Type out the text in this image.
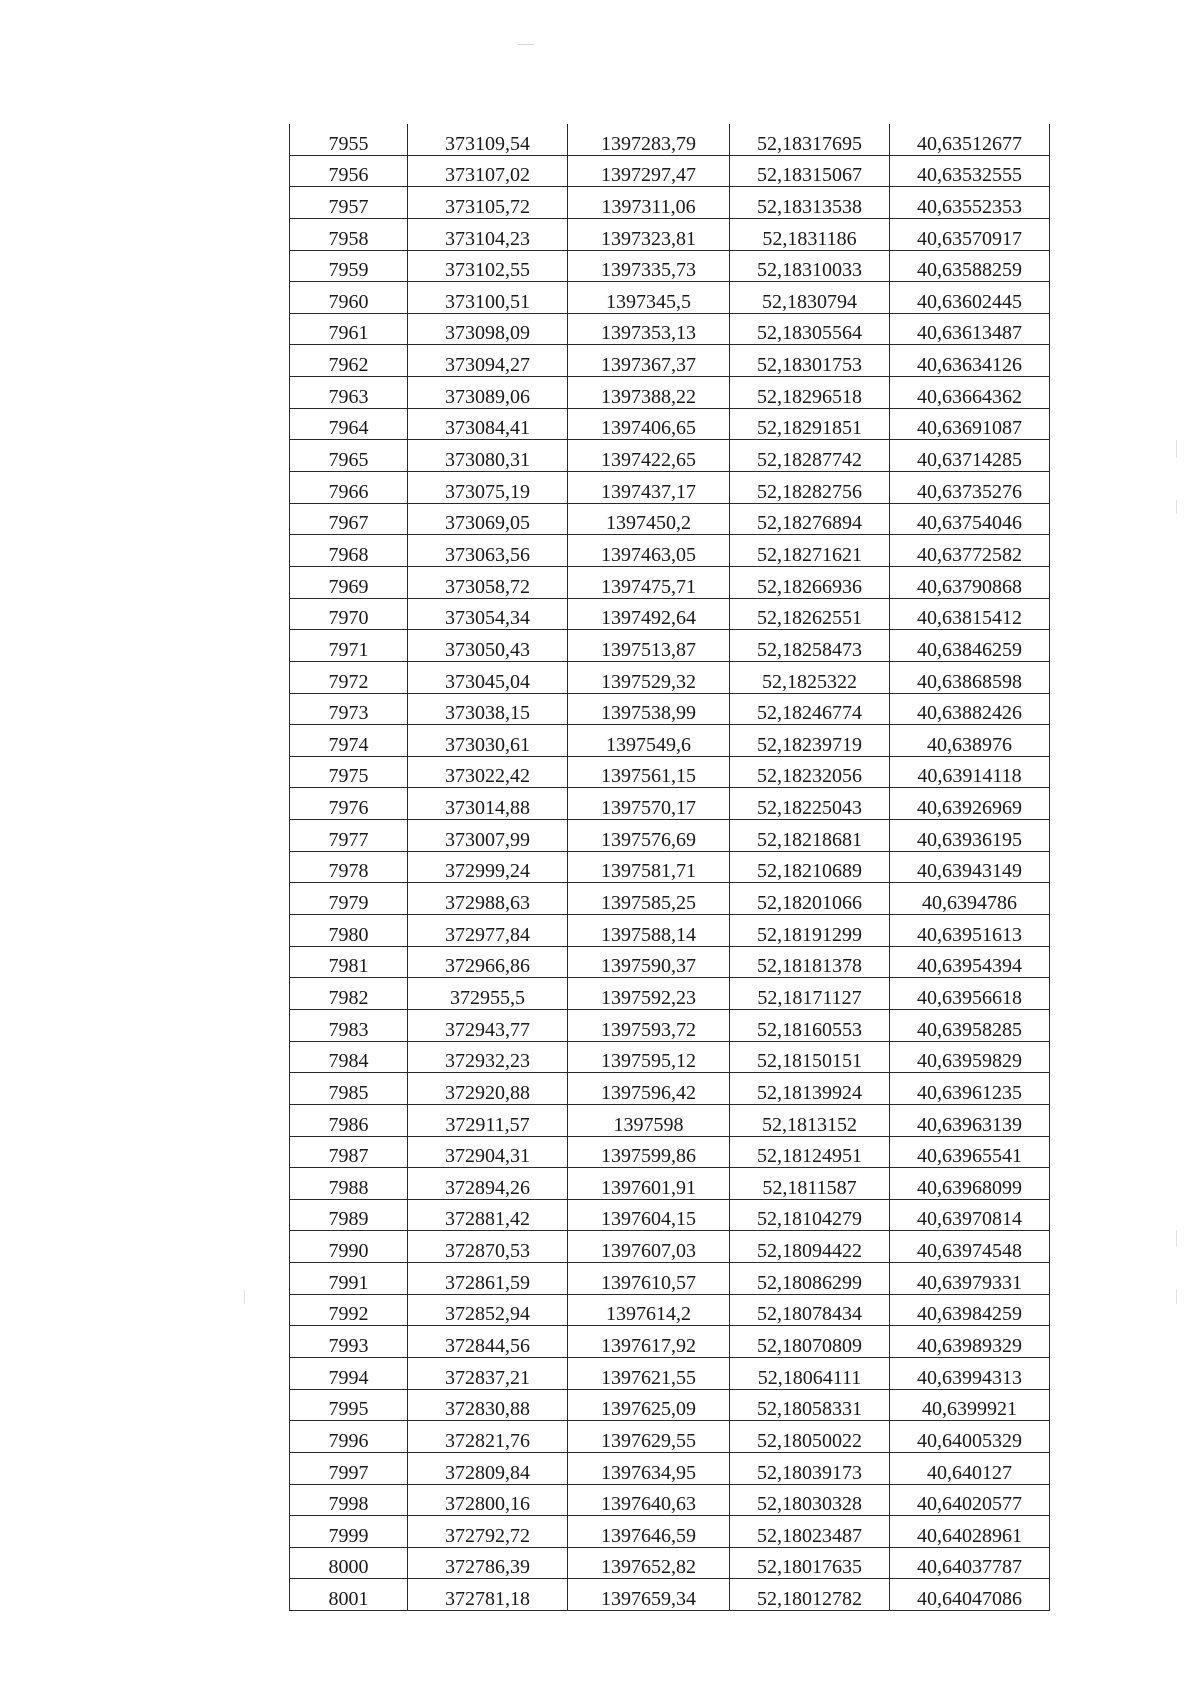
7955	373109,54	1397283,79	52,18317695	40,63512677
7956	373107,02	1397297,47	52,18315067	40,63532555
7957	373105,72	1397311,06	52,18313538	40,63552353
7958	373104,23	1397323,81	52,1831186	40,63570917
7959	373102,55	1397335,73	52,18310033	40,63588259
7960	373100,51	1397345,5	52,1830794	40,63602445
7961	373098,09	1397353,13	52,18305564	40,63613487
7962	373094,27	1397367,37	52,18301753	40,63634126
7963	373089,06	1397388,22	52,18296518	40,63664362
7964	373084,41	1397406,65	52,18291851	40,63691087
7965	373080,31	1397422,65	52,18287742	40,63714285
7966	373075,19	1397437,17	52,18282756	40,63735276
7967	373069,05	1397450,2	52,18276894	40,63754046
7968	373063,56	1397463,05	52,18271621	40,63772582
7969	373058,72	1397475,71	52,18266936	40,63790868
7970	373054,34	1397492,64	52,18262551	40,63815412
7971	373050,43	1397513,87	52,18258473	40,63846259
7972	373045,04	1397529,32	52,1825322	40,63868598
7973	373038,15	1397538,99	52,18246774	40,63882426
7974	373030,61	1397549,6	52,18239719	40,638976
7975	373022,42	1397561,15	52,18232056	40,63914118
7976	373014,88	1397570,17	52,18225043	40,63926969
7977	373007,99	1397576,69	52,18218681	40,63936195
7978	372999,24	1397581,71	52,18210689	40,63943149
7979	372988,63	1397585,25	52,18201066	40,6394786
7980	372977,84	1397588,14	52,18191299	40,63951613
7981	372966,86	1397590,37	52,18181378	40,63954394
7982	372955,5	1397592,23	52,18171127	40,63956618
7983	372943,77	1397593,72	52,18160553	40,63958285
7984	372932,23	1397595,12	52,18150151	40,63959829
7985	372920,88	1397596,42	52,18139924	40,63961235
7986	372911,57	1397598	52,1813152	40,63963139
7987	372904,31	1397599,86	52,18124951	40,63965541
7988	372894,26	1397601,91	52,1811587	40,63968099
7989	372881,42	1397604,15	52,18104279	40,63970814
7990	372870,53	1397607,03	52,18094422	40,63974548
7991	372861,59	1397610,57	52,18086299	40,63979331
7992	372852,94	1397614,2	52,18078434	40,63984259
7993	372844,56	1397617,92	52,18070809	40,63989329
7994	372837,21	1397621,55	52,18064111	40,63994313
7995	372830,88	1397625,09	52,18058331	40,6399921
7996	372821,76	1397629,55	52,18050022	40,64005329
7997	372809,84	1397634,95	52,18039173	40,640127
7998	372800,16	1397640,63	52,18030328	40,64020577
7999	372792,72	1397646,59	52,18023487	40,64028961
8000	372786,39	1397652,82	52,18017635	40,64037787
8001	372781,18	1397659,34	52,18012782	40,64047086
